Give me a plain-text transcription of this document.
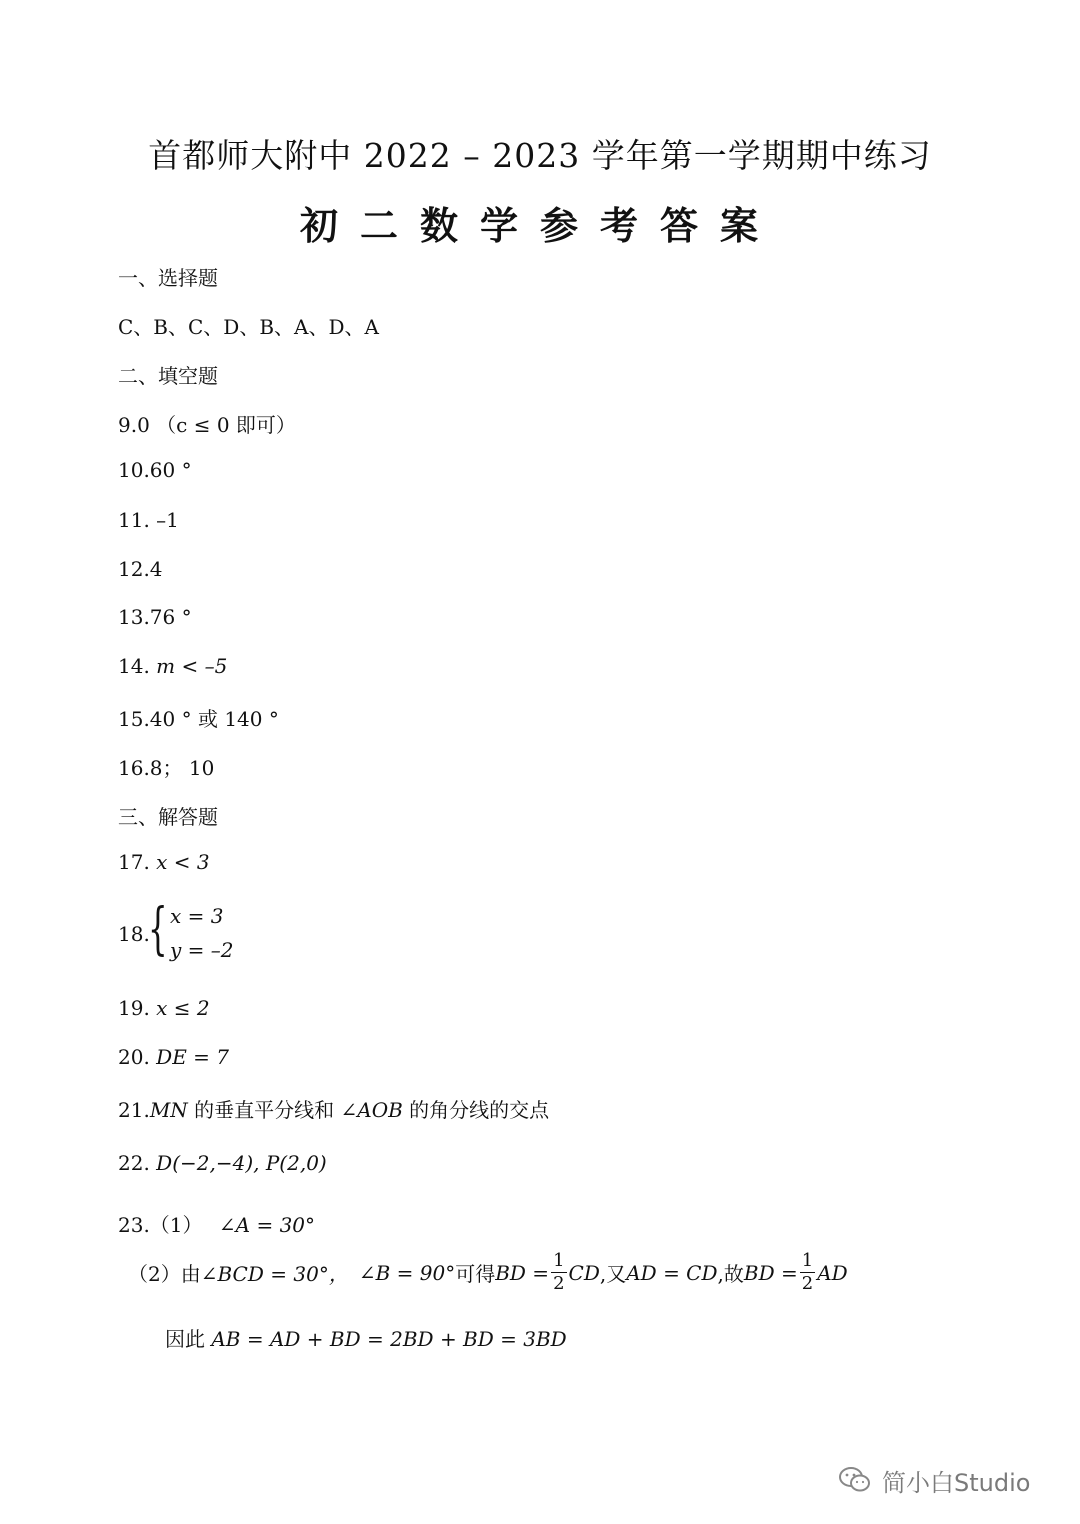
首都师大附中 2022 – 2023 学年第一学期期中练习
初二数学参考答案
一、选择题
C、B、C、D、B、A、D、A
二、填空题
9.0 （c ≤ 0 即可）
10.60 °
11. –1
12.4
13.76 °
14. m < –5
15.40 ° 或 140 °
16.8； 10
三、解答题
17. x < 3
18.
{ x = 3
y = –2
19. x ≤ 2
20. DE = 7
21.MN 的垂直平分线和 ∠AOB 的角分线的交点
22. D(−2,−4), P(2,0)
23.（1） ∠A = 30°
（2）由 ∠BCD = 30°， ∠B = 90° 可得 BD = $\frac{1}{2}$ CD ,又 AD = CD ,故 BD = $\frac{1}{2}$ AD
因此 AB = AD + BD = 2BD + BD = 3BD
简小白Studio
